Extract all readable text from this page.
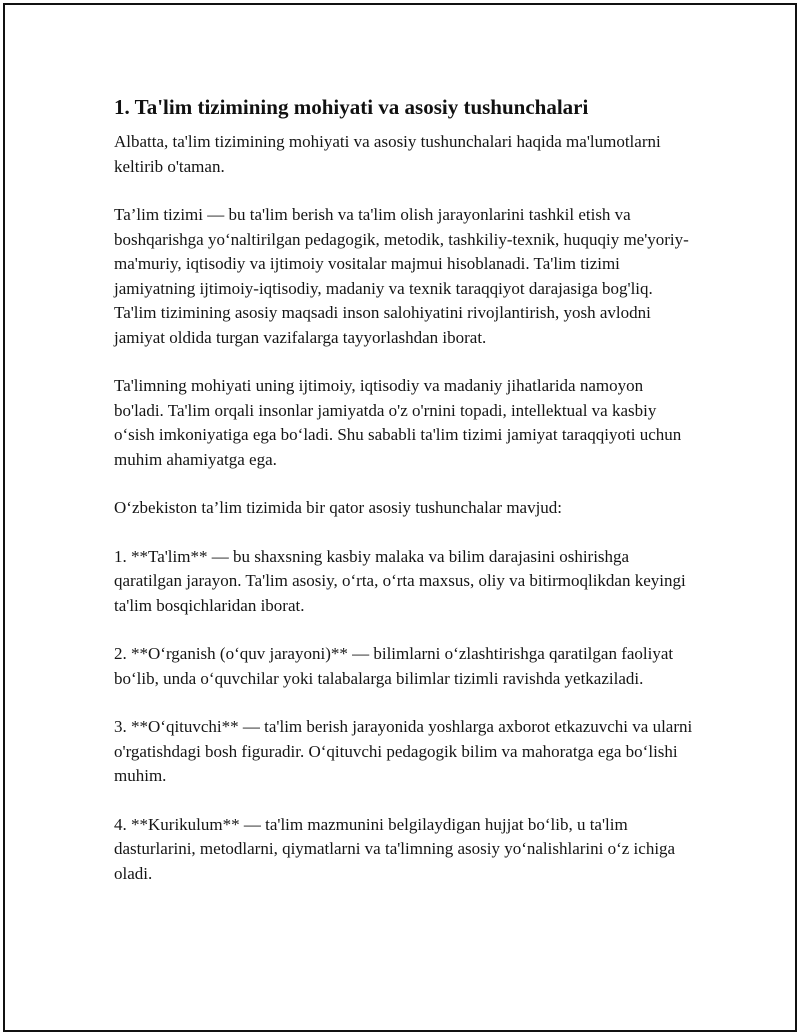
1. Ta'lim tizimining mohiyati va asosiy tushunchalari

Albatta, ta'lim tizimining mohiyati va asosiy tushunchalari haqida ma'lumotlarni keltirib o'taman.

Ta’lim tizimi — bu ta'lim berish va ta'lim olish jarayonlarini tashkil etish va boshqarishga yo‘naltirilgan pedagogik, metodik, tashkiliy-texnik, huquqiy me'yoriy-ma'muriy, iqtisodiy va ijtimoiy vositalar majmui hisoblanadi. Ta'lim tizimi jamiyatning ijtimoiy-iqtisodiy, madaniy va texnik taraqqiyot darajasiga bog'liq. Ta'lim tizimining asosiy maqsadi inson salohiyatini rivojlantirish, yosh avlodni jamiyat oldida turgan vazifalarga tayyorlashdan iborat.

Ta'limning mohiyati uning ijtimoiy, iqtisodiy va madaniy jihatlarida namoyon bo'ladi. Ta'lim orqali insonlar jamiyatda o'z o'rnini topadi, intellektual va kasbiy o‘sish imkoniyatiga ega bo‘ladi. Shu sababli ta'lim tizimi jamiyat taraqqiyoti uchun muhim ahamiyatga ega.

O‘zbekiston ta’lim tizimida bir qator asosiy tushunchalar mavjud:

1. **Ta'lim** — bu shaxsning kasbiy malaka va bilim darajasini oshirishga qaratilgan jarayon. Ta'lim asosiy, o‘rta, o‘rta maxsus, oliy va bitirmoqlikdan keyingi ta'lim bosqichlaridan iborat.

2. **O‘rganish (o‘quv jarayoni)** — bilimlarni o‘zlashtirishga qaratilgan faoliyat bo‘lib, unda o‘quvchilar yoki talabalarga bilimlar tizimli ravishda yetkaziladi.

3. **O‘qituvchi** — ta'lim berish jarayonida yoshlarga axborot etkazuvchi va ularni o'rgatishdagi bosh figuradir. O‘qituvchi pedagogik bilim va mahoratga ega bo‘lishi muhim.

4. **Kurikulum** — ta'lim mazmunini belgilaydigan hujjat bo‘lib, u ta'lim dasturlarini, metodlarni, qiymatlarni va ta'limning asosiy yo‘nalishlarini o‘z ichiga oladi.
